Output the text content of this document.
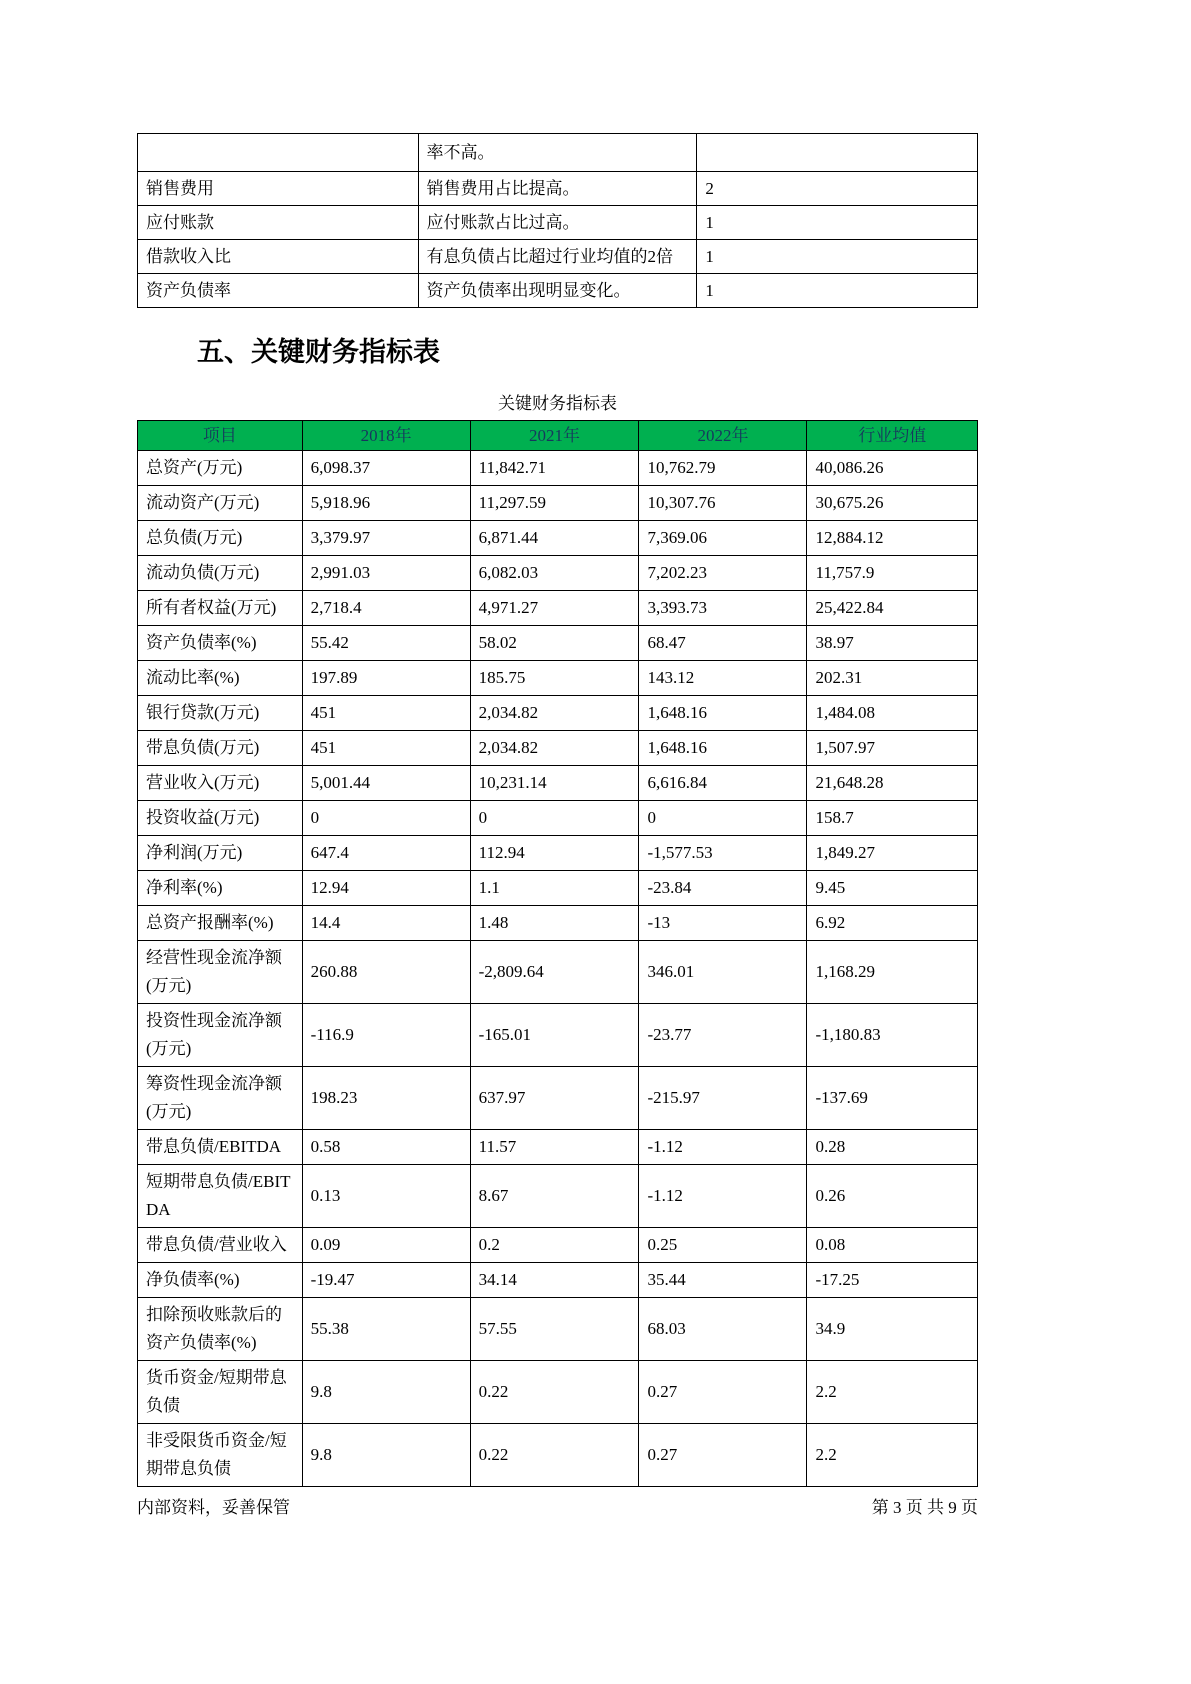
	率不高。	
销售费用	销售费用占比提高。	2
应付账款	应付账款占比过高。	1
借款收入比	有息负债占比超过行业均值的2倍	1
资产负债率	资产负债率出现明显变化。	1
五、关键财务指标表
关键财务指标表
项目	2018年	2021年	2022年	行业均值
总资产(万元)	6,098.37	11,842.71	10,762.79	40,086.26
流动资产(万元)	5,918.96	11,297.59	10,307.76	30,675.26
总负债(万元)	3,379.97	6,871.44	7,369.06	12,884.12
流动负债(万元)	2,991.03	6,082.03	7,202.23	11,757.9
所有者权益(万元)	2,718.4	4,971.27	3,393.73	25,422.84
资产负债率(%)	55.42	58.02	68.47	38.97
流动比率(%)	197.89	185.75	143.12	202.31
银行贷款(万元)	451	2,034.82	1,648.16	1,484.08
带息负债(万元)	451	2,034.82	1,648.16	1,507.97
营业收入(万元)	5,001.44	10,231.14	6,616.84	21,648.28
投资收益(万元)	0	0	0	158.7
净利润(万元)	647.4	112.94	-1,577.53	1,849.27
净利率(%)	12.94	1.1	-23.84	9.45
总资产报酬率(%)	14.4	1.48	-13	6.92
经营性现金流净额(万元)	260.88	-2,809.64	346.01	1,168.29
投资性现金流净额(万元)	-116.9	-165.01	-23.77	-1,180.83
筹资性现金流净额(万元)	198.23	637.97	-215.97	-137.69
带息负债/EBITDA	0.58	11.57	-1.12	0.28
短期带息负债/EBITDA	0.13	8.67	-1.12	0.26
带息负债/营业收入	0.09	0.2	0.25	0.08
净负债率(%)	-19.47	34.14	35.44	-17.25
扣除预收账款后的资产负债率(%)	55.38	57.55	68.03	34.9
货币资金/短期带息负债	9.8	0.22	0.27	2.2
非受限货币资金/短期带息负债	9.8	0.22	0.27	2.2
内部资料，妥善保管	第 3 页 共 9 页
